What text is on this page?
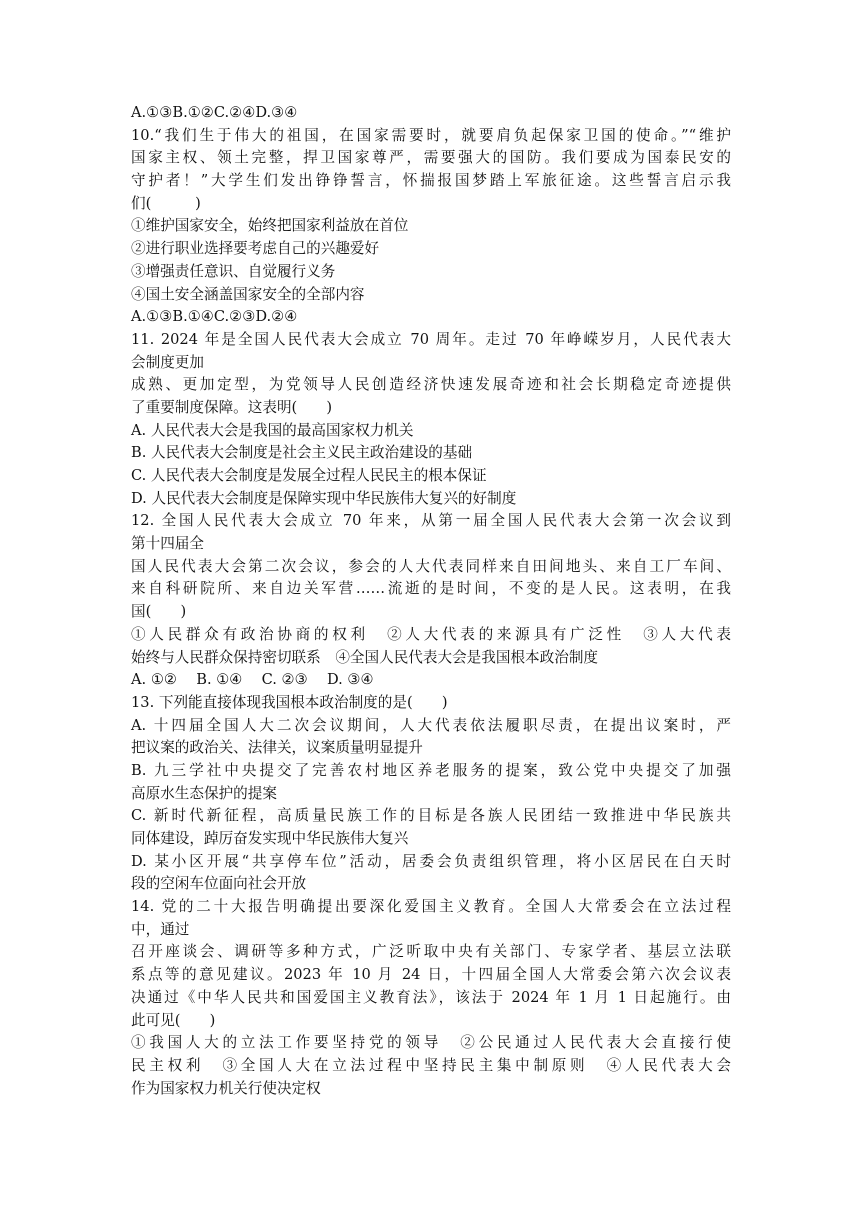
A.①③B.①②C.②④D.③④
10.“我们生于伟大的祖国，在国家需要时，就要肩负起保家卫国的使命。”“维护
国家主权、领土完整，捍卫国家尊严，需要强大的国防。我们要成为国泰民安的
守护者！”大学生们发出铮铮誓言，怀揣报国梦踏上军旅征途。这些誓言启示我
们(　　　)
①维护国家安全，始终把国家利益放在首位
②进行职业选择要考虑自己的兴趣爱好
③增强责任意识、自觉履行义务
④国土安全涵盖国家安全的全部内容
A.①③B.①④C.②③D.②④
11. 2024 年是全国人民代表大会成立 70 周年。走过 70 年峥嵘岁月，人民代表大
会制度更加
成熟、更加定型，为党领导人民创造经济快速发展奇迹和社会长期稳定奇迹提供
了重要制度保障。这表明(　　)
A. 人民代表大会是我国的最高国家权力机关
B. 人民代表大会制度是社会主义民主政治建设的基础
C. 人民代表大会制度是发展全过程人民民主的根本保证
D. 人民代表大会制度是保障实现中华民族伟大复兴的好制度
12. 全国人民代表大会成立 70 年来，从第一届全国人民代表大会第一次会议到
第十四届全
国人民代表大会第二次会议，参会的人大代表同样来自田间地头、来自工厂车间、
来自科研院所、来自边关军营……流逝的是时间，不变的是人民。这表明，在我
国(　　)
①人民群众有政治协商的权利　②人大代表的来源具有广泛性　③人大代表
始终与人民群众保持密切联系　④全国人民代表大会是我国根本政治制度
A. ①②　 B. ①④　 C. ②③　 D. ③④
13. 下列能直接体现我国根本政治制度的是(　　)
A. 十四届全国人大二次会议期间，人大代表依法履职尽责，在提出议案时，严
把议案的政治关、法律关，议案质量明显提升
B. 九三学社中央提交了完善农村地区养老服务的提案，致公党中央提交了加强
高原水生态保护的提案
C. 新时代新征程，高质量民族工作的目标是各族人民团结一致推进中华民族共
同体建设，踔厉奋发实现中华民族伟大复兴
D. 某小区开展“共享停车位”活动，居委会负责组织管理，将小区居民在白天时
段的空闲车位面向社会开放
14. 党的二十大报告明确提出要深化爱国主义教育。全国人大常委会在立法过程
中，通过
召开座谈会、调研等多种方式，广泛听取中央有关部门、专家学者、基层立法联
系点等的意见建议。2023 年 10 月 24 日，十四届全国人大常委会第六次会议表
决通过《中华人民共和国爱国主义教育法》，该法于 2024 年 1 月 1 日起施行。由
此可见(　　)
①我国人大的立法工作要坚持党的领导　②公民通过人民代表大会直接行使
民主权利　③全国人大在立法过程中坚持民主集中制原则　④人民代表大会
作为国家权力机关行使决定权
